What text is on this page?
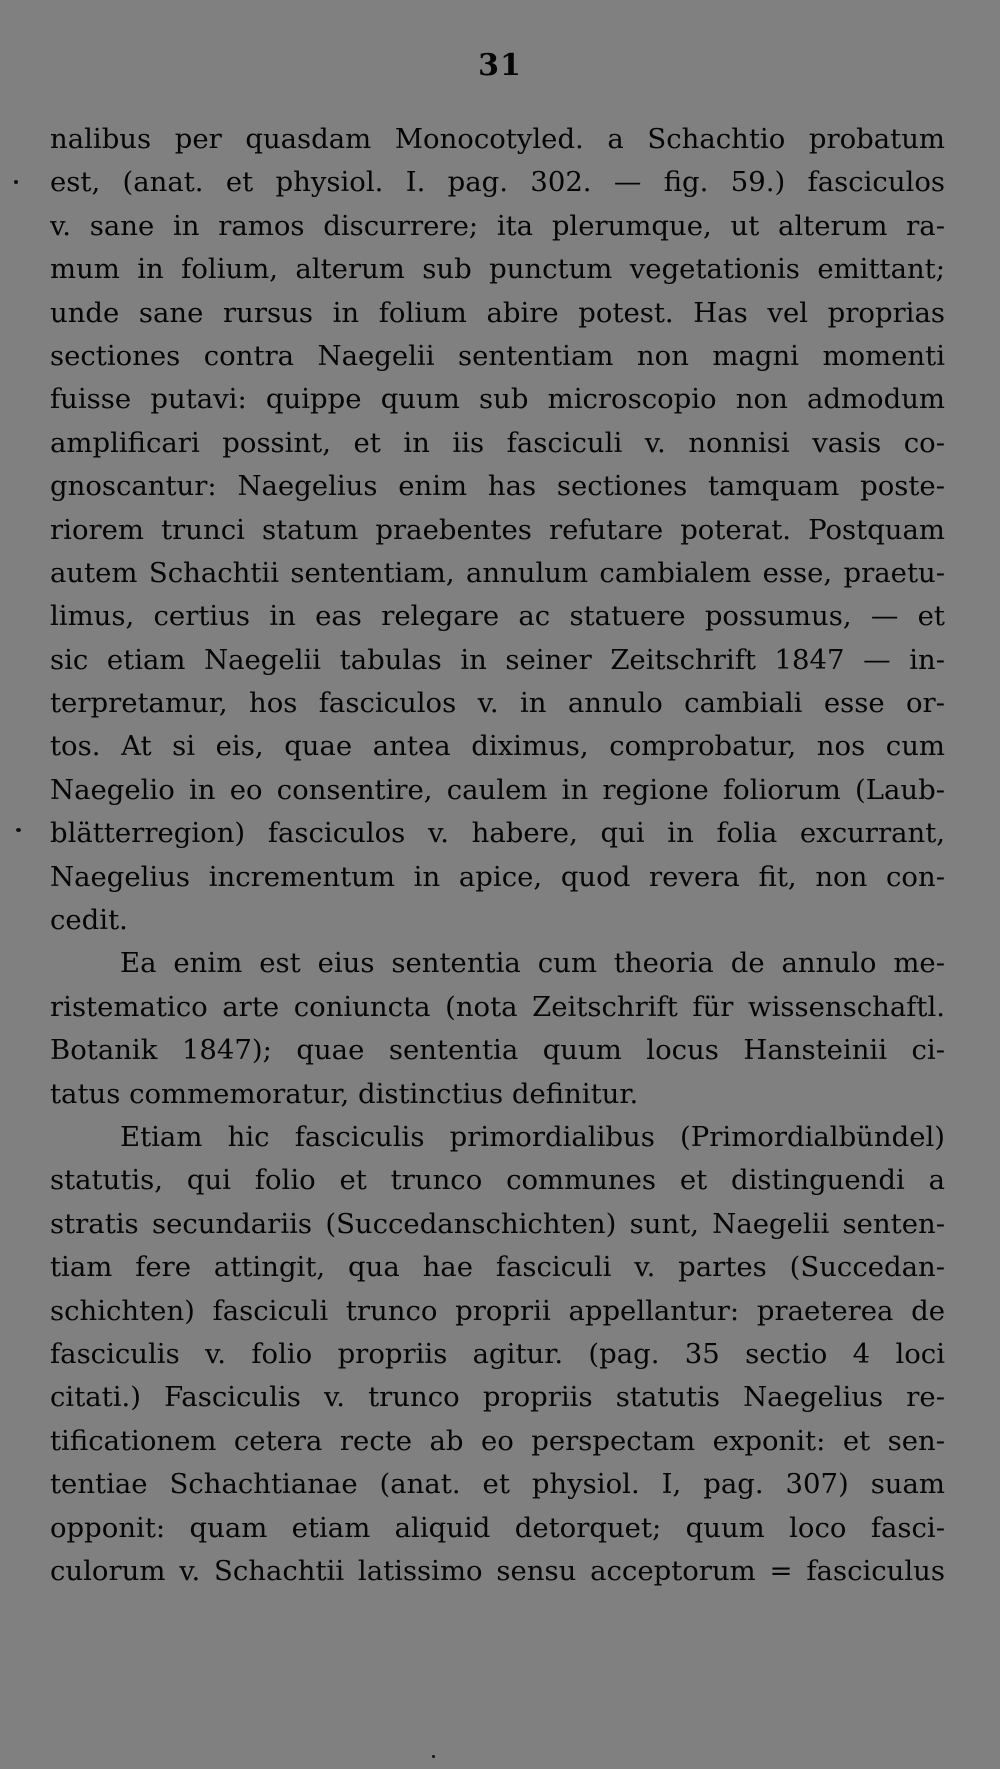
31
nalibus per quasdam Monocotyled. a Schachtio probatum
est, (anat. et physiol. I. pag. 302. — fig. 59.) fasciculos
v. sane in ramos discurrere; ita plerumque, ut alterum ra-
mum in folium, alterum sub punctum vegetationis emittant;
unde sane rursus in folium abire potest. Has vel proprias
sectiones contra Naegelii sententiam non magni momenti
fuisse putavi: quippe quum sub microscopio non admodum
amplificari possint, et in iis fasciculi v. nonnisi vasis co-
gnoscantur: Naegelius enim has sectiones tamquam poste-
riorem trunci statum praebentes refutare poterat. Postquam
autem Schachtii sententiam, annulum cambialem esse, praetu-
limus, certius in eas relegare ac statuere possumus, — et
sic etiam Naegelii tabulas in seiner Zeitschrift 1847 — in-
terpretamur, hos fasciculos v. in annulo cambiali esse or-
tos. At si eis, quae antea diximus, comprobatur, nos cum
Naegelio in eo consentire, caulem in regione foliorum (Laub-
blätterregion) fasciculos v. habere, qui in folia excurrant,
Naegelius incrementum in apice, quod revera fit, non con-
cedit.
Ea enim est eius sententia cum theoria de annulo me-
ristematico arte coniuncta (nota Zeitschrift für wissenschaftl.
Botanik 1847); quae sententia quum locus Hansteinii ci-
tatus commemoratur, distinctius definitur.
Etiam hic fasciculis primordialibus (Primordialbündel)
statutis, qui folio et trunco communes et distinguendi a
stratis secundariis (Succedanschichten) sunt, Naegelii senten-
tiam fere attingit, qua hae fasciculi v. partes (Succedan-
schichten) fasciculi trunco proprii appellantur: praeterea de
fasciculis v. folio propriis agitur. (pag. 35 sectio 4 loci
citati.) Fasciculis v. trunco propriis statutis Naegelius re-
tificationem cetera recte ab eo perspectam exponit: et sen-
tentiae Schachtianae (anat. et physiol. I, pag. 307) suam
opponit: quam etiam aliquid detorquet; quum loco fasci-
culorum v. Schachtii latissimo sensu acceptorum = fasciculus
